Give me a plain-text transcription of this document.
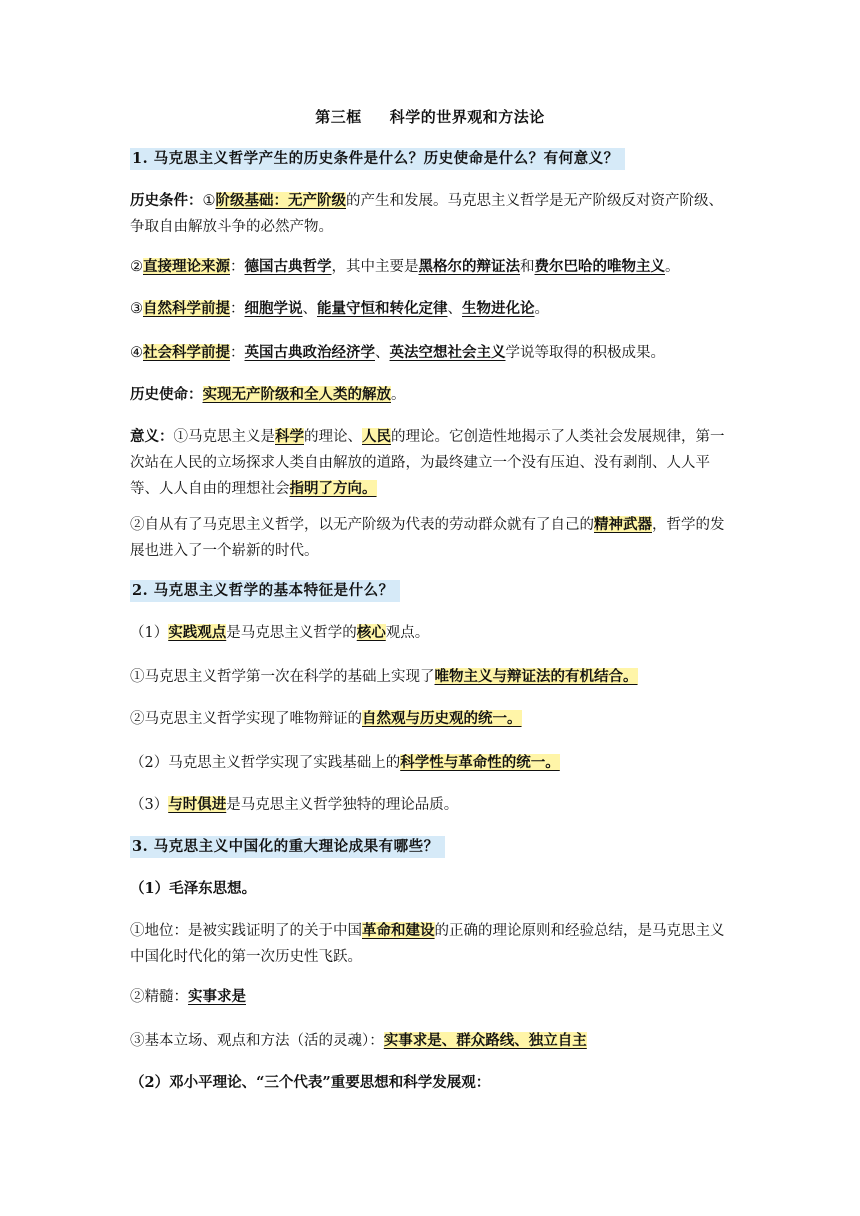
第三框 科学的世界观和方法论
1. 马克思主义哲学产生的历史条件是什么？历史使命是什么？有何意义？
历史条件：①阶级基础：无产阶级的产生和发展。马克思主义哲学是无产阶级反对资产阶级、争取自由解放斗争的必然产物。
②直接理论来源：德国古典哲学，其中主要是黑格尔的辩证法和费尔巴哈的唯物主义。
③自然科学前提：细胞学说、能量守恒和转化定律、生物进化论。
④社会科学前提：英国古典政治经济学、英法空想社会主义学说等取得的积极成果。
历史使命：实现无产阶级和全人类的解放。
意义：①马克思主义是科学的理论、人民的理论。它创造性地揭示了人类社会发展规律，第一次站在人民的立场探求人类自由解放的道路，为最终建立一个没有压迫、没有剥削、人人平等、人人自由的理想社会指明了方向。
②自从有了马克思主义哲学，以无产阶级为代表的劳动群众就有了自己的精神武器，哲学的发展也进入了一个崭新的时代。
2. 马克思主义哲学的基本特征是什么？
（1）实践观点是马克思主义哲学的核心观点。
①马克思主义哲学第一次在科学的基础上实现了唯物主义与辩证法的有机结合。
②马克思主义哲学实现了唯物辩证的自然观与历史观的统一。
（2）马克思主义哲学实现了实践基础上的科学性与革命性的统一。
（3）与时俱进是马克思主义哲学独特的理论品质。
3. 马克思主义中国化的重大理论成果有哪些？
（1）毛泽东思想。
①地位：是被实践证明了的关于中国革命和建设的正确的理论原则和经验总结，是马克思主义中国化时代化的第一次历史性飞跃。
②精髓：实事求是
③基本立场、观点和方法（活的灵魂）：实事求是、群众路线、独立自主
（2）邓小平理论、“三个代表”重要思想和科学发展观：
